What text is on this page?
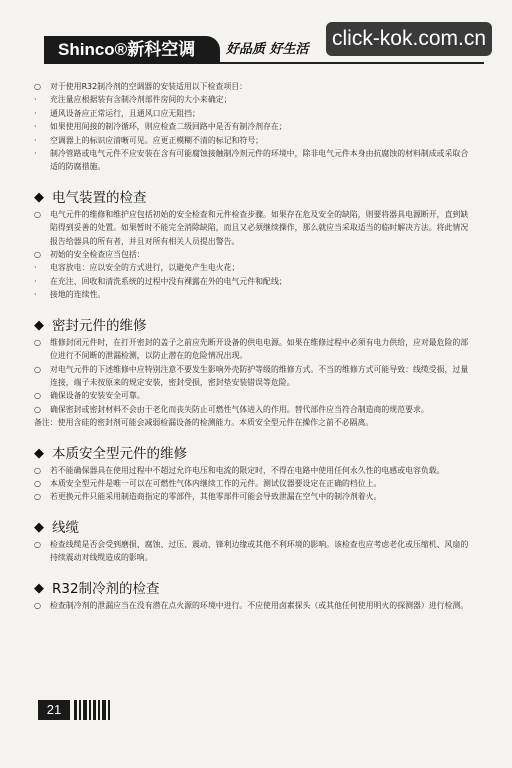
Shinco®新科空调	好品质 好生活 click-kok.com.cn
○	对于使用R32制冷剂的空调器的安装适用以下检查项目：
·	充注量应根据装有含制冷剂部件房间的大小来确定；
·	通风设备应正常运行，且通风口应无阻挡；
·	如果使用间接的制冷循环，则应检查二级回路中是否有制冷剂存在；
·	空调器上的标识应清晰可见。应更正模糊不清的标记和符号；
·	制冷管路或电气元件不应安装在含有可能腐蚀接触制冷剂元件的环境中，除非电气元件本身由抗腐蚀的材料制成或采取合适的防腐措施。
◆ 电气装置的检查
○	电气元件的维修和维护应包括初始的安全检查和元件检查步骤。如果存在危及安全的缺陷，则要将器具电源断开，直到缺陷得到妥善的处置。如果暂时不能完全消除缺陷，而且又必须继续操作，那么就应当采取适当的临时解决方法。将此情况报告给器具的所有者，并且对所有相关人员提出警告。
○	初始的安全检查应当包括：
·	电容放电：应以安全的方式进行，以避免产生电火花；
·	在充注、回收和清洗系统的过程中没有裸露在外的电气元件和配线；
·	接地的连续性。
◆ 密封元件的维修
○	维修封闭元件时，在打开密封的盖子之前应先断开设备的供电电源。如果在维修过程中必须有电力供给，应对最危险的部位进行不间断的泄漏检测，以防止潜在的危险情况出现。
○	对电气元件的下述维修中应特别注意不要发生影响外壳防护等级的维修方式。不当的维修方式可能导致：线缆受损，过量连接，端子未按原来的规定安装，密封受损，密封垫安装错误等危险。
○	确保设备的安装安全可靠。
○	确保密封或密封材料不会由于老化而丧失防止可燃性气体进入的作用。替代部件应当符合制造商的规范要求。
备注：使用含硅的密封剂可能会减弱检漏设备的检测能力。本质安全型元件在操作之前不必隔离。
◆ 本质安全型元件的维修
○	若不能确保器具在使用过程中不超过允许电压和电流的限定时，不得在电路中使用任何永久性的电感或电容负载。
○	本质安全型元件是唯一可以在可燃性气体内继续工作的元件。测试仪器要设定在正确的档位上。
○	若更换元件只能采用制造商指定的零部件，其他零部件可能会导致泄漏在空气中的制冷剂着火。
◆ 线缆
○	检查线缆是否会受到磨损、腐蚀、过压、震动、锋利边缘或其他不利环境的影响。该检查也应考虑老化或压缩机、风扇的持续震动对线缆造成的影响。
◆ R32制冷剂的检查
○	检查制冷剂的泄漏应当在没有潜在点火源的环境中进行。不应使用卤素探头（或其他任何使用明火的探测器）进行检测。
21
